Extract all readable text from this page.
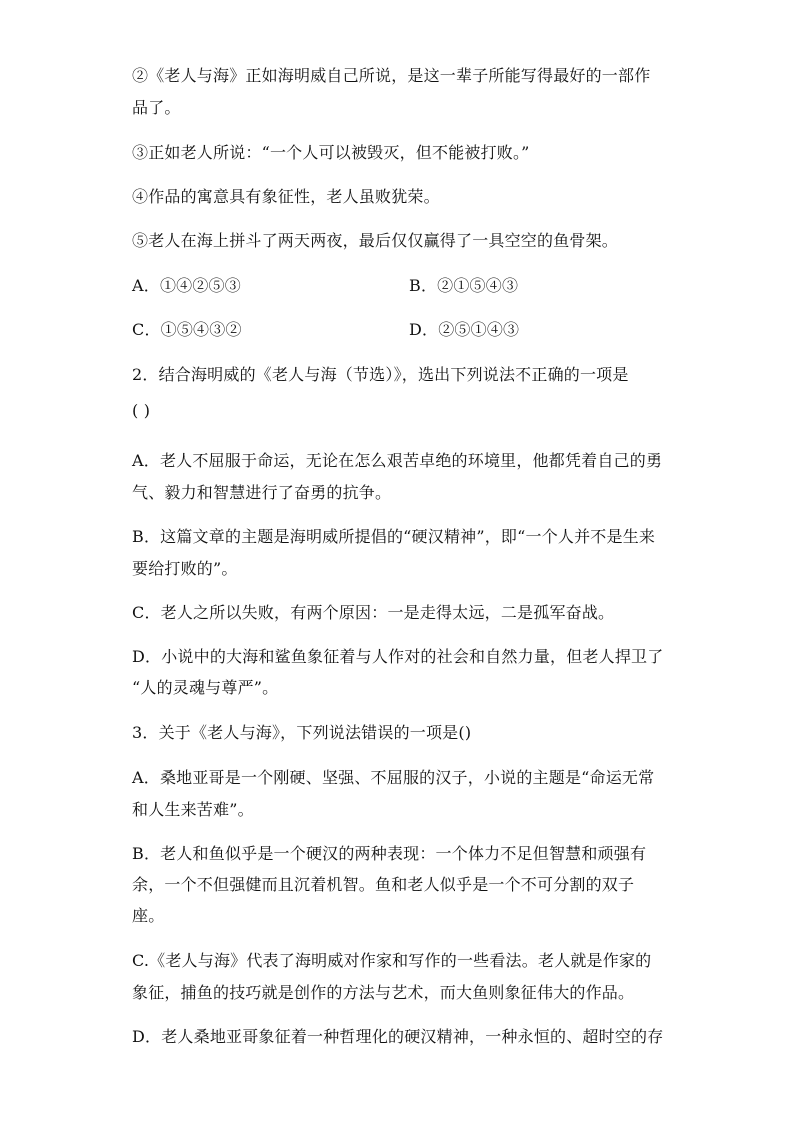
②《老人与海》正如海明威自己所说，是这一辈子所能写得最好的一部作
品了。
③正如老人所说：“一个人可以被毁灭，但不能被打败。”
④作品的寓意具有象征性，老人虽败犹荣。
⑤老人在海上拼斗了两天两夜，最后仅仅赢得了一具空空的鱼骨架。
A．①④②⑤③	B．②①⑤④③
C．①⑤④③②	D．②⑤①④③
2．结合海明威的《老人与海（节选）》，选出下列说法不正确的一项是
( )
A．老人不屈服于命运，无论在怎么艰苦卓绝的环境里，他都凭着自己的勇
气、毅力和智慧进行了奋勇的抗争。
B．这篇文章的主题是海明威所提倡的“硬汉精神”，即“一个人并不是生来
要给打败的”。
C．老人之所以失败，有两个原因：一是走得太远，二是孤军奋战。
D．小说中的大海和鲨鱼象征着与人作对的社会和自然力量，但老人捍卫了
“人的灵魂与尊严”。
3．关于《老人与海》，下列说法错误的一项是()
A．桑地亚哥是一个刚硬、坚强、不屈服的汉子，小说的主题是“命运无常
和人生来苦难”。
B．老人和鱼似乎是一个硬汉的两种表现：一个体力不足但智慧和顽强有
余，一个不但强健而且沉着机智。鱼和老人似乎是一个不可分割的双子
座。
C.《老人与海》代表了海明威对作家和写作的一些看法。老人就是作家的
象征，捕鱼的技巧就是创作的方法与艺术，而大鱼则象征伟大的作品。
D．老人桑地亚哥象征着一种哲理化的硬汉精神，一种永恒的、超时空的存
